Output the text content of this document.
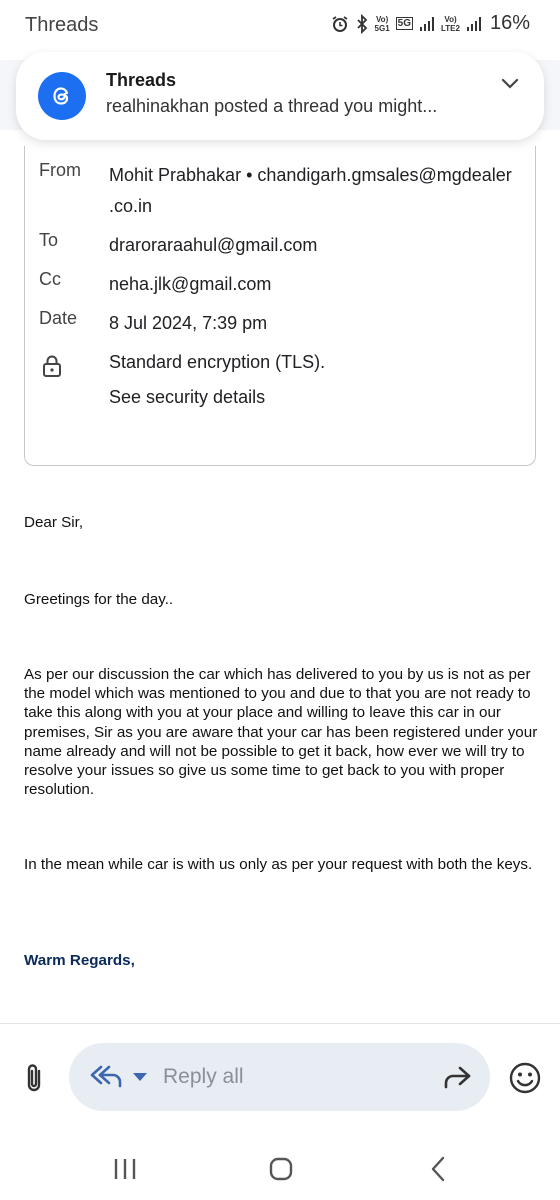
Threads	Vo)
5G1 5G	Vo)
LTE2 16%
Threads
realhinakhan posted a thread you might...
From	Mohit Prabhakar • chandigarh.gmsales@mgdealer .co.in
To	draroraraahul@gmail.com
Cc	neha.jlk@gmail.com
Date	8 Jul 2024, 7:39 pm
Standard encryption (TLS).
See security details
Dear Sir,
Greetings for the day..
As per our discussion the car which has delivered to you by us is not as per the model which was mentioned to you and due to that you are not ready to take this along with you at your place and willing to leave this car in our premises, Sir as you are aware that your car has been registered under your name already and will not be possible to get it back, how ever we will try to resolve your issues so give us some time to get back to you with proper resolution.
In the mean while car is with us only as per your request with both the keys.
Warm Regards,
Reply all
